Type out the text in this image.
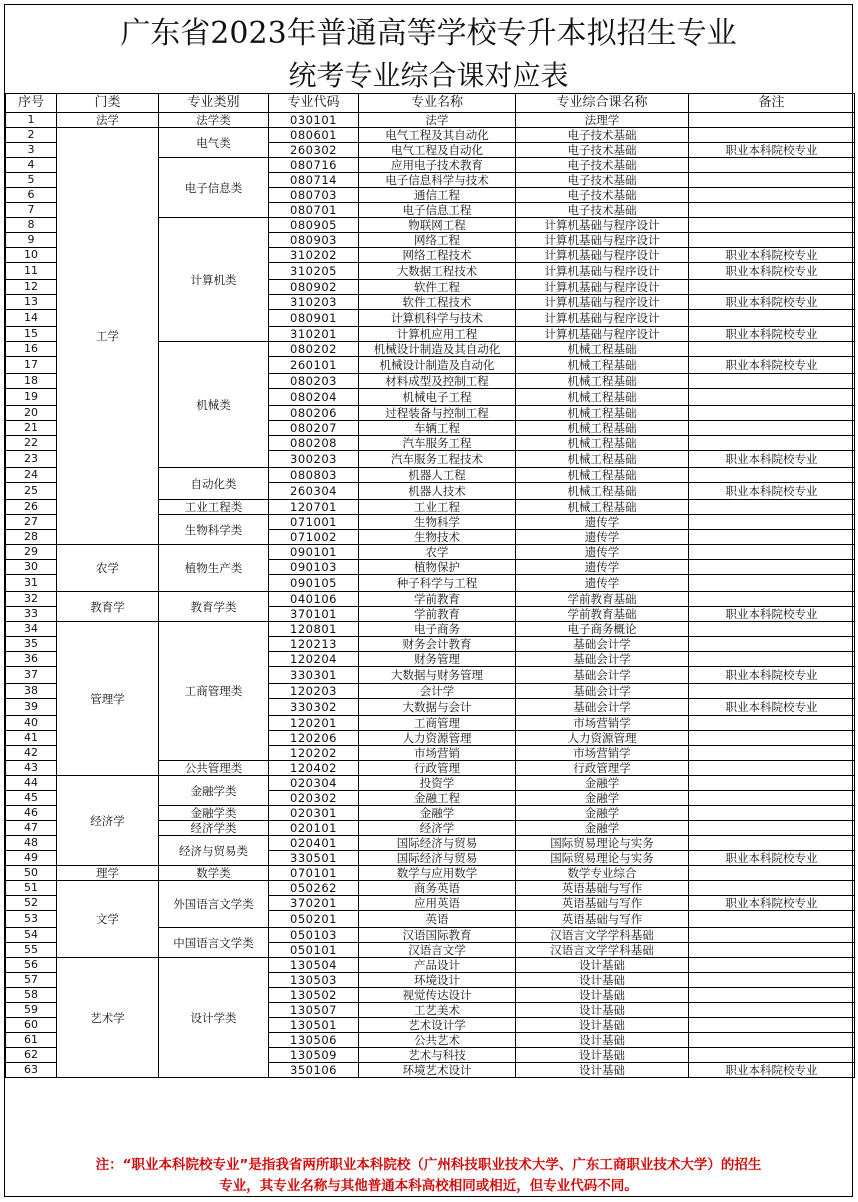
广东省2023年普通高等学校专升本拟招生专业
统考专业综合课对应表
序号	门类	专业类别	专业代码	专业名称	专业综合课名称	备注
1	法学	法学类	030101	法学	法理学	
2	工学	电气类	080601	电气工程及其自动化	电子技术基础	
3			260302	电气工程及自动化	电子技术基础	职业本科院校专业
4		电子信息类	080716	应用电子技术教育	电子技术基础	
5			080714	电子信息科学与技术	电子技术基础	
6			080703	通信工程	电子技术基础	
7			080701	电子信息工程	电子技术基础	
8		计算机类	080905	物联网工程	计算机基础与程序设计	
9			080903	网络工程	计算机基础与程序设计	
10			310202	网络工程技术	计算机基础与程序设计	职业本科院校专业
11			310205	大数据工程技术	计算机基础与程序设计	职业本科院校专业
12			080902	软件工程	计算机基础与程序设计	
13			310203	软件工程技术	计算机基础与程序设计	职业本科院校专业
14			080901	计算机科学与技术	计算机基础与程序设计	
15			310201	计算机应用工程	计算机基础与程序设计	职业本科院校专业
16		机械类	080202	机械设计制造及其自动化	机械工程基础	
17			260101	机械设计制造及自动化	机械工程基础	职业本科院校专业
18			080203	材料成型及控制工程	机械工程基础	
19			080204	机械电子工程	机械工程基础	
20			080206	过程装备与控制工程	机械工程基础	
21			080207	车辆工程	机械工程基础	
22			080208	汽车服务工程	机械工程基础	
23			300203	汽车服务工程技术	机械工程基础	职业本科院校专业
24		自动化类	080803	机器人工程	机械工程基础	
25			260304	机器人技术	机械工程基础	职业本科院校专业
26		工业工程类	120701	工业工程	机械工程基础	
27		生物科学类	071001	生物科学	遗传学	
28			071002	生物技术	遗传学	
29	农学	植物生产类	090101	农学	遗传学	
30			090103	植物保护	遗传学	
31			090105	种子科学与工程	遗传学	
32	教育学	教育学类	040106	学前教育	学前教育基础	
33			370101	学前教育	学前教育基础	职业本科院校专业
34	管理学	工商管理类	120801	电子商务	电子商务概论	
35			120213	财务会计教育	基础会计学	
36			120204	财务管理	基础会计学	
37			330301	大数据与财务管理	基础会计学	职业本科院校专业
38			120203	会计学	基础会计学	
39			330302	大数据与会计	基础会计学	职业本科院校专业
40			120201	工商管理	市场营销学	
41			120206	人力资源管理	人力资源管理	
42			120202	市场营销	市场营销学	
43		公共管理类	120402	行政管理	行政管理学	
44	经济学	金融学类	020304	投资学	金融学	
45			020302	金融工程	金融学	
46		金融学类	020301	金融学	金融学	
47		经济学类	020101	经济学	金融学	
48		经济与贸易类	020401	国际经济与贸易	国际贸易理论与实务	
49			330501	国际经济与贸易	国际贸易理论与实务	职业本科院校专业
50	理学	数学类	070101	数学与应用数学	数学专业综合	
51	文学	外国语言文学类	050262	商务英语	英语基础与写作	
52			370201	应用英语	英语基础与写作	职业本科院校专业
53			050201	英语	英语基础与写作	
54		中国语言文学类	050103	汉语国际教育	汉语言文学学科基础	
55			050101	汉语言文学	汉语言文学学科基础	
56	艺术学	设计学类	130504	产品设计	设计基础	
57			130503	环境设计	设计基础	
58			130502	视觉传达设计	设计基础	
59			130507	工艺美术	设计基础	
60			130501	艺术设计学	设计基础	
61			130506	公共艺术	设计基础	
62			130509	艺术与科技	设计基础	
63			350106	环境艺术设计	设计基础	职业本科院校专业
注：“职业本科院校专业”是指我省两所职业本科院校（广州科技职业技术大学、广东工商职业技术大学）的招生
专业，其专业名称与其他普通本科高校相同或相近，但专业代码不同。
